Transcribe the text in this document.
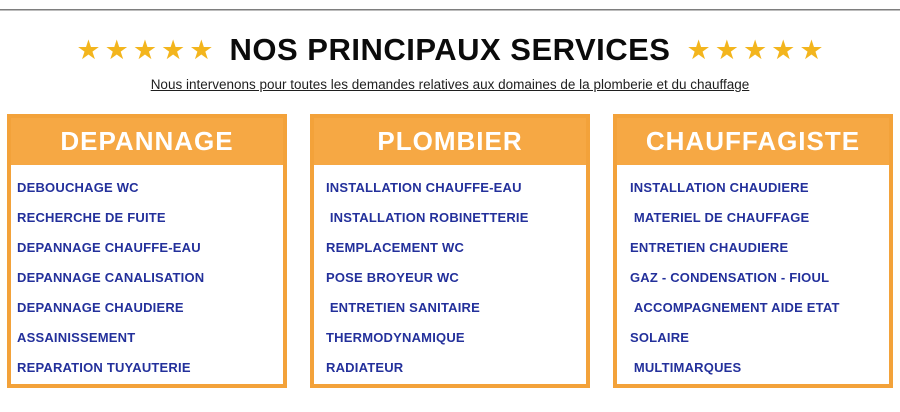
★ ★ ★ ★ ★ NOS PRINCIPAUX SERVICES ★ ★ ★ ★ ★
Nous intervenons pour toutes les demandes relatives aux domaines de la plomberie et du chauffage
DEPANNAGE
DEBOUCHAGE WC
RECHERCHE DE FUITE
DEPANNAGE CHAUFFE-EAU
DEPANNAGE CANALISATION
DEPANNAGE CHAUDIERE
ASSAINISSEMENT
REPARATION TUYAUTERIE
PLOMBIER
INSTALLATION CHAUFFE-EAU
INSTALLATION ROBINETTERIE
REMPLACEMENT WC
POSE BROYEUR WC
ENTRETIEN SANITAIRE
THERMODYNAMIQUE
RADIATEUR
CHAUFFAGISTE
INSTALLATION CHAUDIERE
MATERIEL DE CHAUFFAGE
ENTRETIEN CHAUDIERE
GAZ - CONDENSATION - FIOUL
ACCOMPAGNEMENT AIDE ETAT
SOLAIRE
MULTIMARQUES
